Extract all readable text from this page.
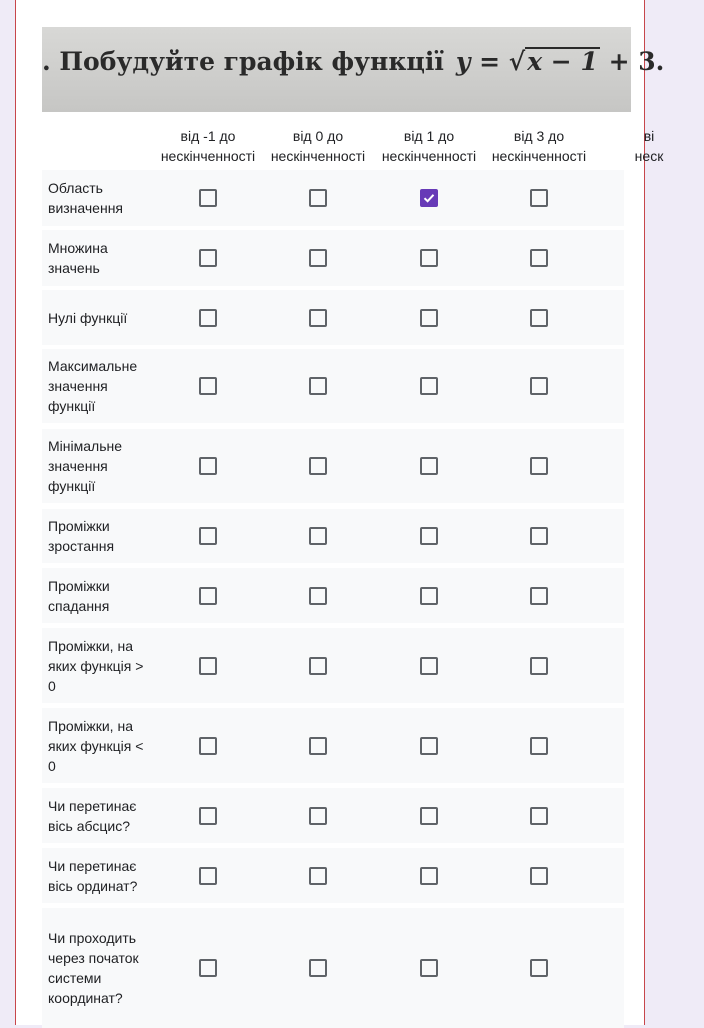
. Побудуйте графік функції y = √x − 1 + 3.
від -1 до нескінченності
від 0 до нескінченності
від 1 до нескінченності
від 3 до нескінченності
ві
неск
Область визначення
Множина значень
Нулі функції
Максимальне значення функції
Мінімальне значення функції
Проміжки зростання
Проміжки спадання
Проміжки, на яких функція > 0
Проміжки, на яких функція < 0
Чи перетинає вісь абсцис?
Чи перетинає вісь ординат?
Чи проходить через початок системи координат?
